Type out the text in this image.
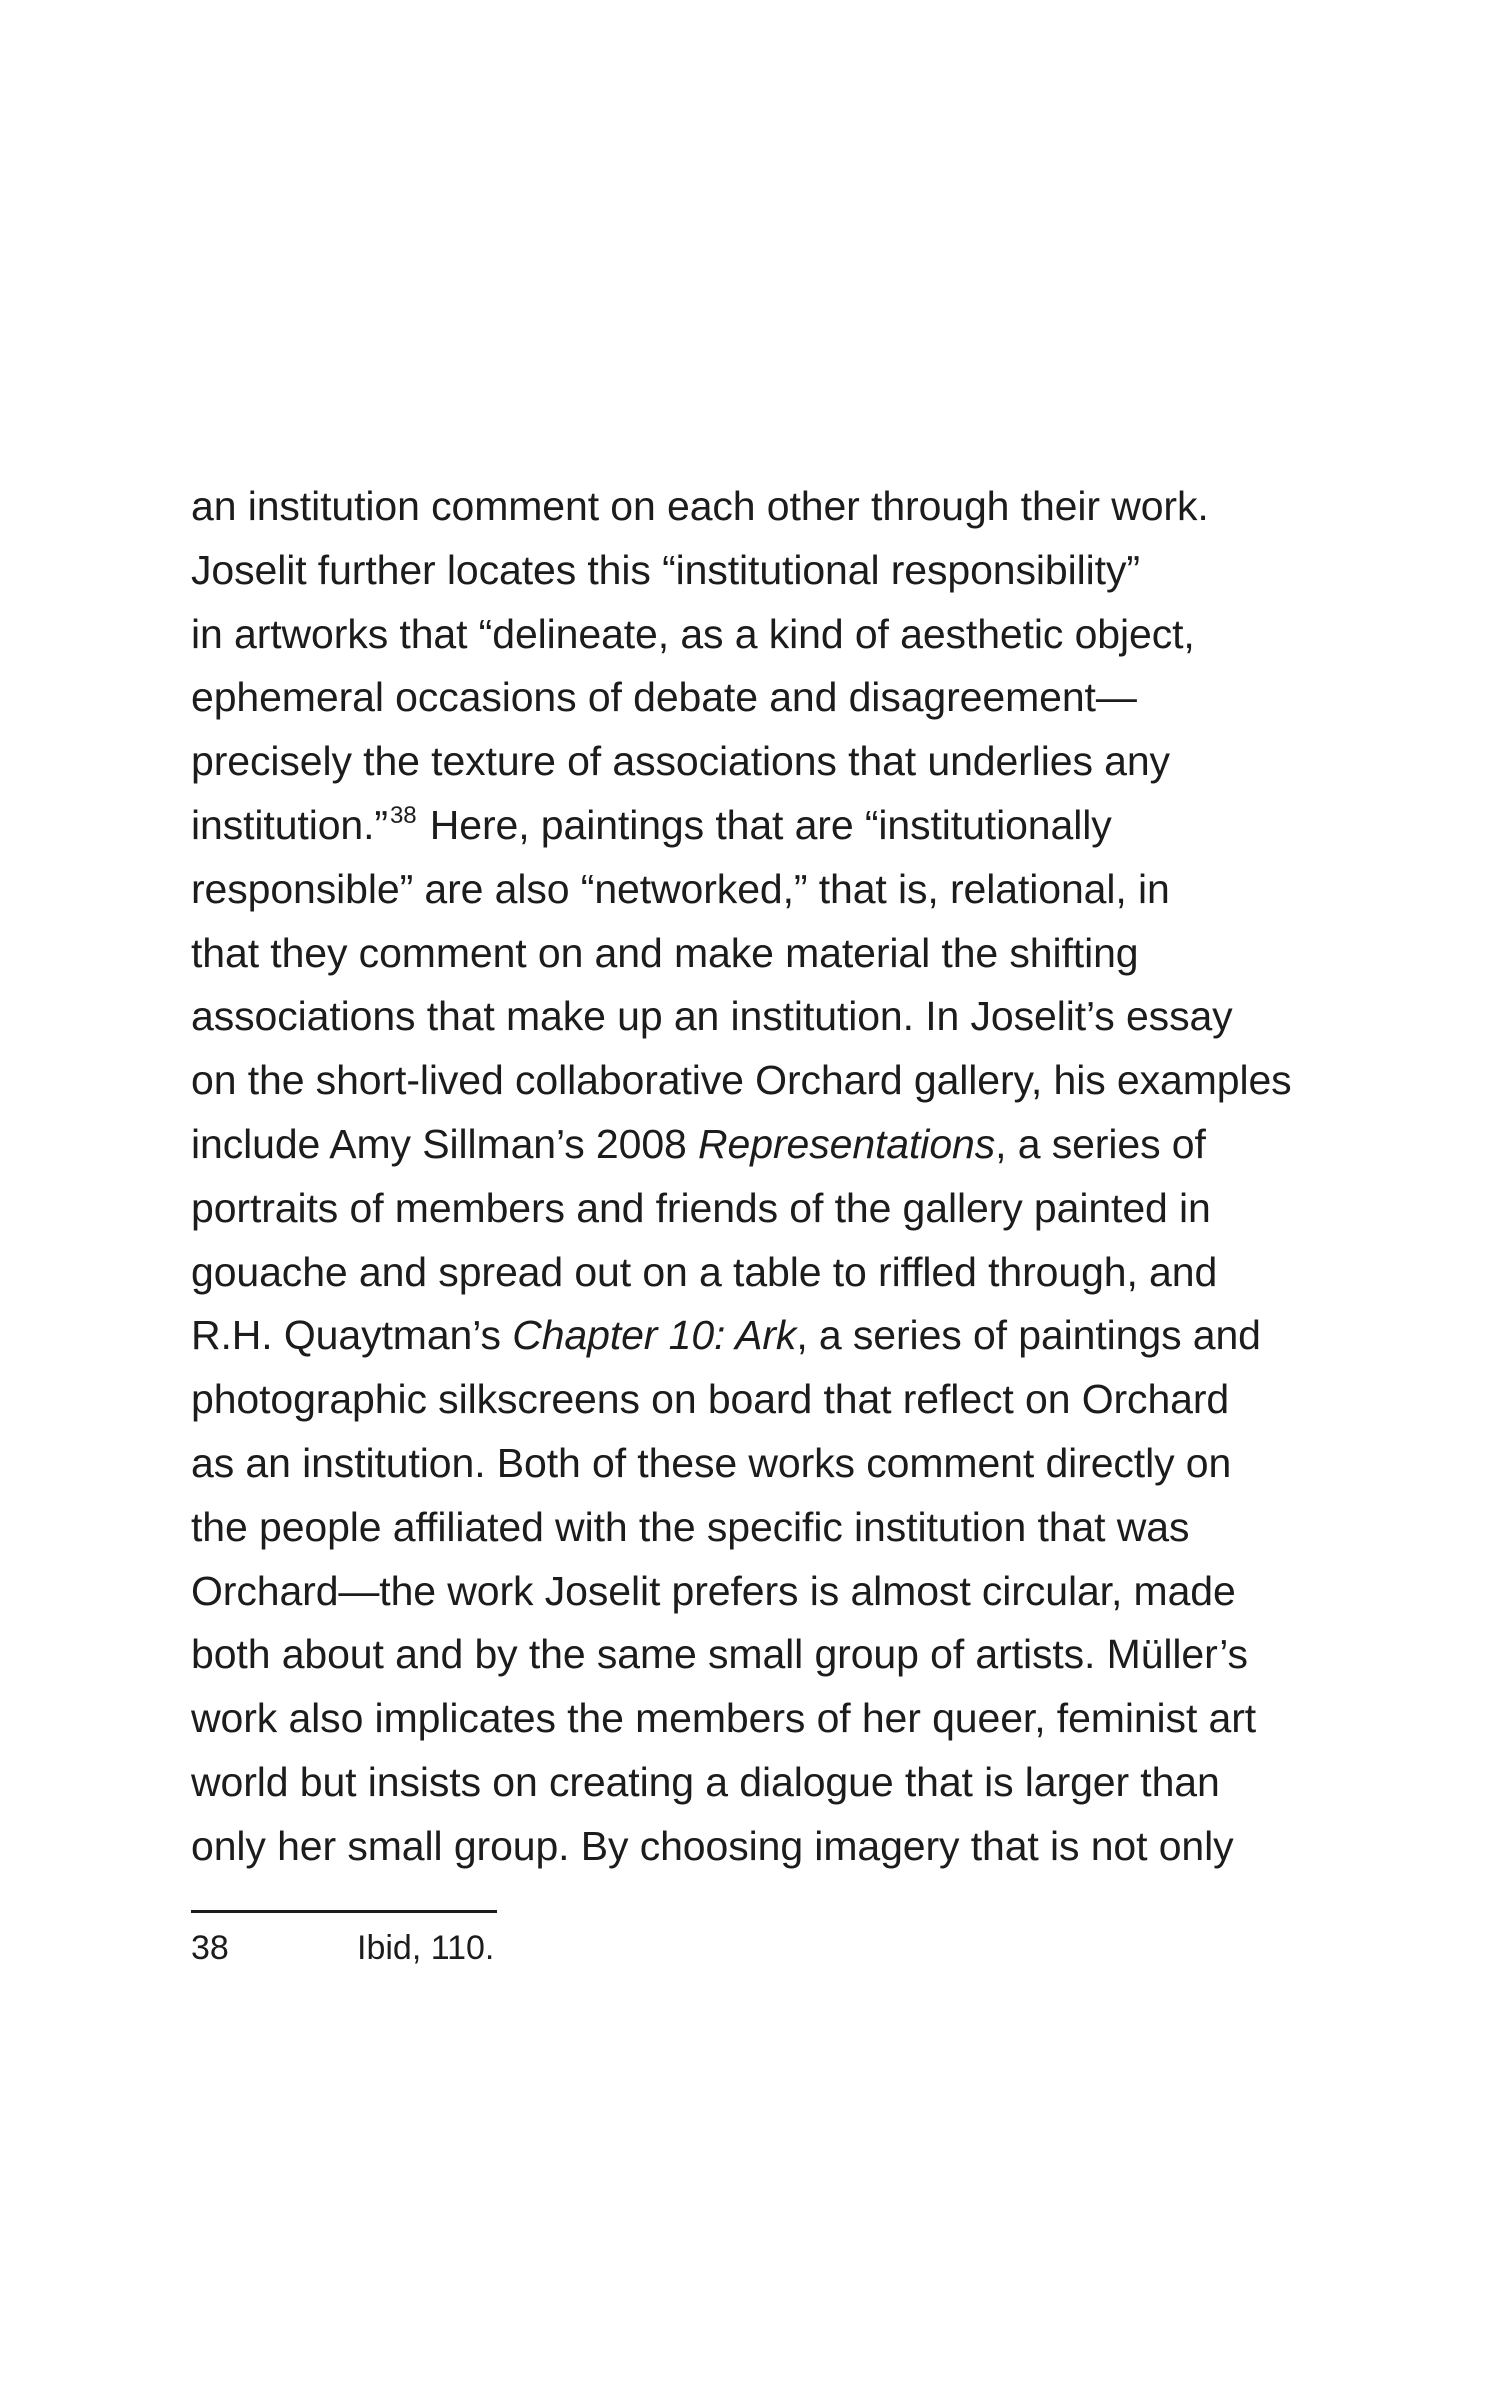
an institution comment on each other through their work.
Joselit further locates this “institutional responsibility”
in artworks that “delineate, as a kind of aesthetic object,
ephemeral occasions of debate and disagreement—
precisely the texture of associations that underlies any
institution.”$^{38}$ Here, paintings that are “institutionally
responsible” are also “networked,” that is, relational, in
that they comment on and make material the shifting
associations that make up an institution. In Joselit’s essay
on the short-lived collaborative Orchard gallery, his examples
include Amy Sillman’s 2008 Representations, a series of
portraits of members and friends of the gallery painted in
gouache and spread out on a table to riffled through, and
R.H. Quaytman’s Chapter 10: Ark, a series of paintings and
photographic silkscreens on board that reflect on Orchard
as an institution. Both of these works comment directly on
the people affiliated with the specific institution that was
Orchard—the work Joselit prefers is almost circular, made
both about and by the same small group of artists. Müller’s
work also implicates the members of her queer, feminist art
world but insists on creating a dialogue that is larger than
only her small group. By choosing imagery that is not only
38	Ibid, 110.
